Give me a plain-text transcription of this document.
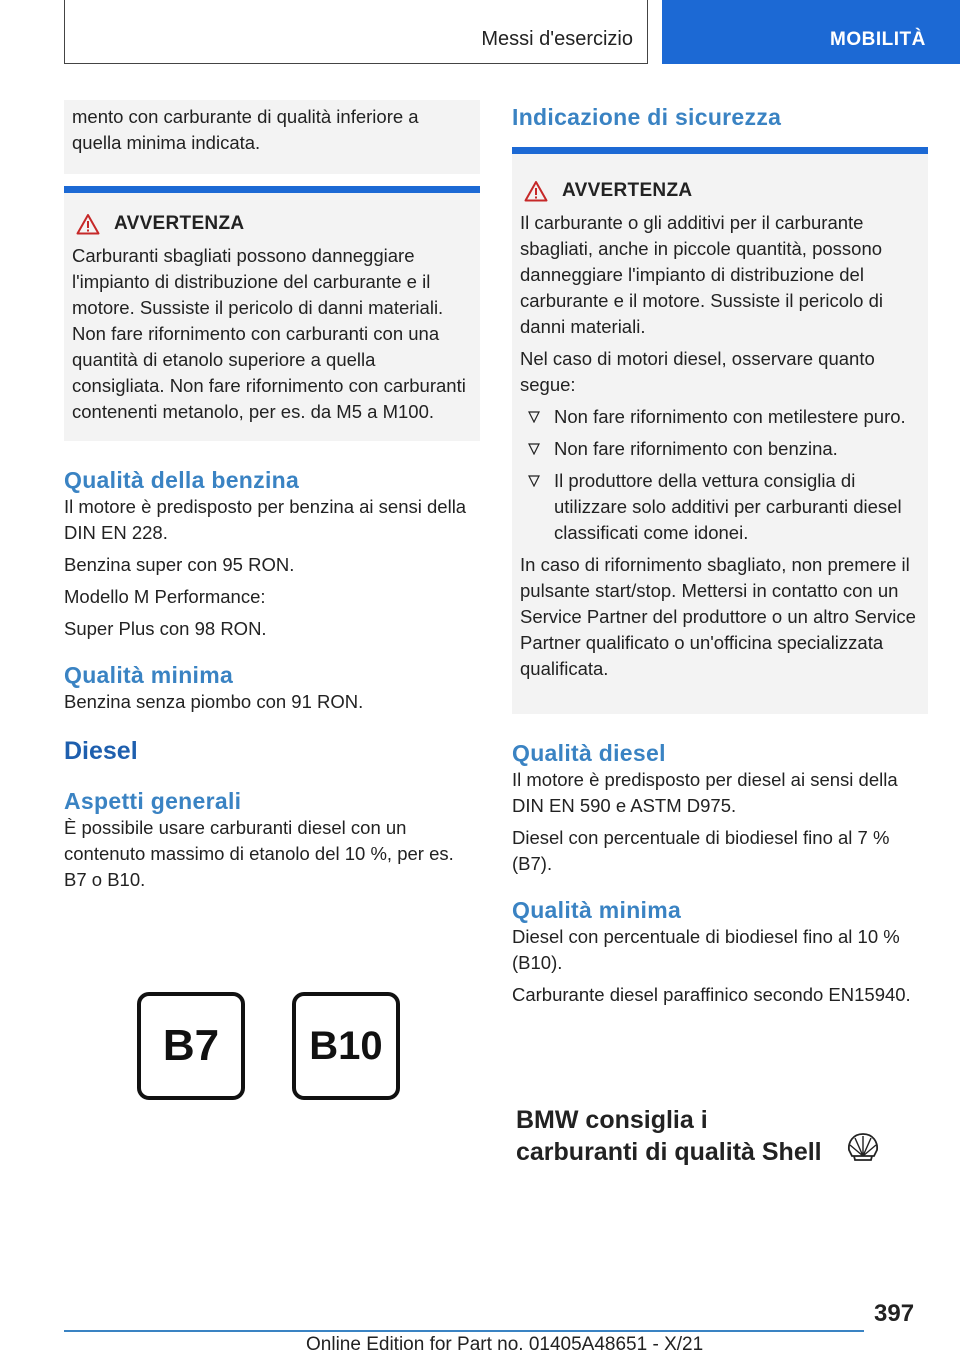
Messi d'esercizio	MOBILITÀ

mento con carburante di qualità inferiore a quella minima indicata.

AVVERTENZA

Carburanti sbagliati possono danneggiare l'impianto di distribuzione del carburante e il motore. Sussiste il pericolo di danni materiali. Non fare rifornimento con carburanti con una quantità di etanolo superiore a quella consigliata. Non fare rifornimento con carburanti contenenti metanolo, per es. da M5 a M100.

Qualità della benzina

Il motore è predisposto per benzina ai sensi della DIN EN 228.

Benzina super con 95 RON.

Modello M Performance:

Super Plus con 98 RON.

Qualità minima

Benzina senza piombo con 91 RON.

Diesel
Aspetti generali

È possibile usare carburanti diesel con un contenuto massimo di etanolo del 10 %, per es. B7 o B10.

B7	B10
Indicazione di sicurezza
AVVERTENZA

Il carburante o gli additivi per il carburante sbagliati, anche in piccole quantità, possono danneggiare l'impianto di distribuzione del carburante e il motore. Sussiste il pericolo di danni materiali.

Nel caso di motori diesel, osservare quanto segue:

Non fare rifornimento con metilestere puro.
Non fare rifornimento con benzina.
Il produttore della vettura consiglia di utilizzare solo additivi per carburanti diesel classificati come idonei.

In caso di rifornimento sbagliato, non premere il pulsante start/stop. Mettersi in contatto con un Service Partner del produttore o un altro Service Partner qualificato o un'officina specializzata qualificata.

Qualità diesel

Il motore è predisposto per diesel ai sensi della DIN EN 590 e ASTM D975.

Diesel con percentuale di biodiesel fino al 7 % (B7).

Qualità minima

Diesel con percentuale di biodiesel fino al 10 % (B10).

Carburante diesel paraffinico secondo EN15940.

BMW consiglia i
carburanti di qualità Shell
397
Online Edition for Part no. 01405A48651 - X/21
